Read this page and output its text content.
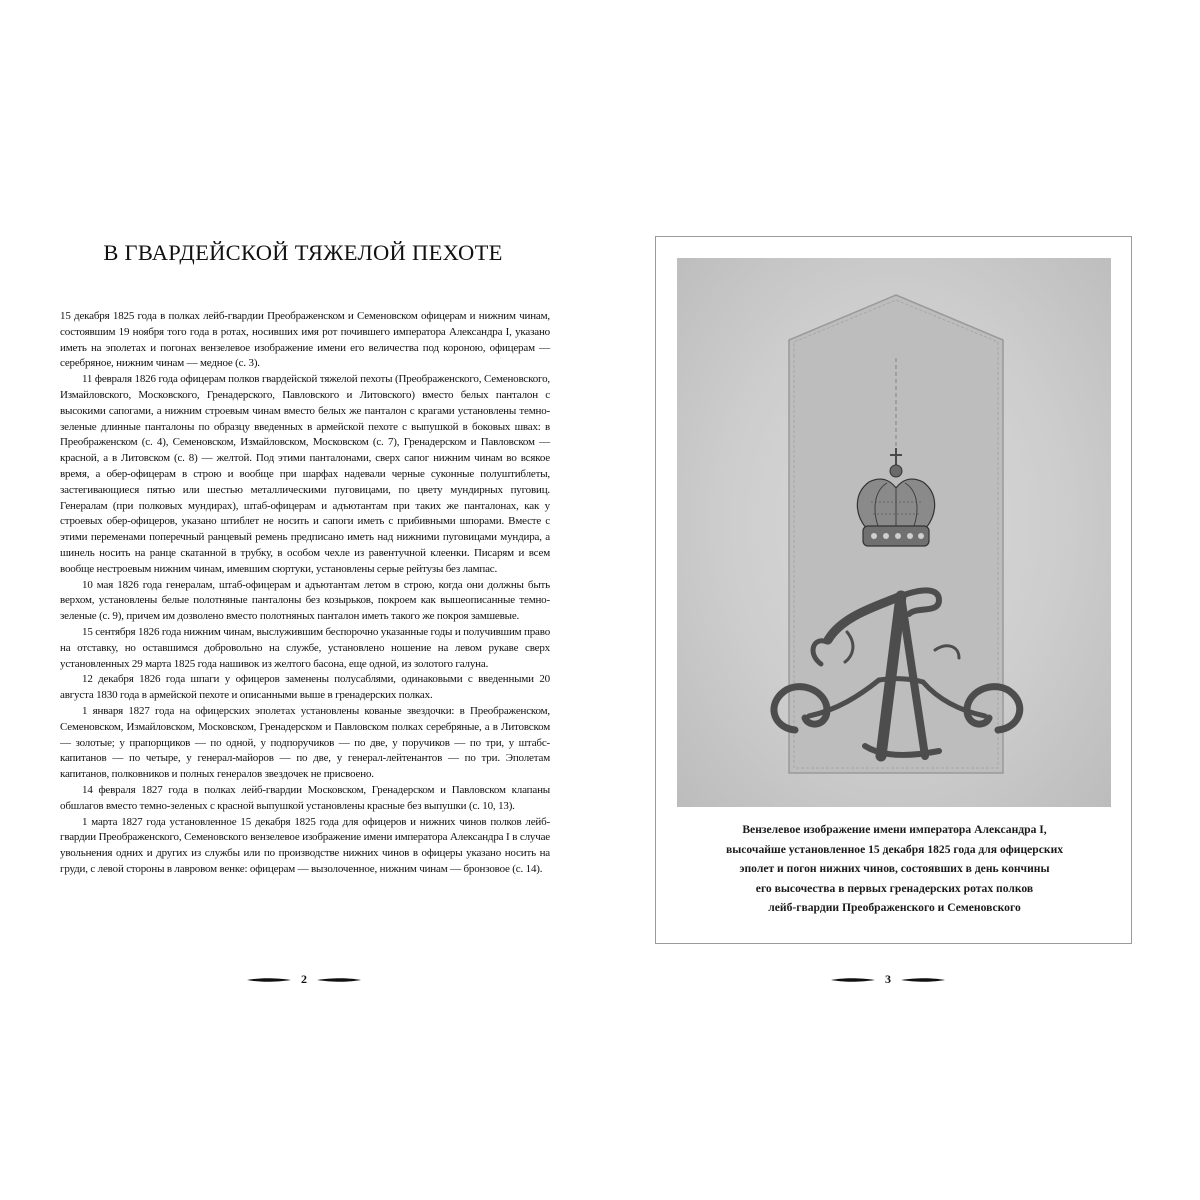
В ГВАРДЕЙСКОЙ ТЯЖЕЛОЙ ПЕХОТЕ

15 декабря 1825 года в полках лейб-гвардии Преображенском и Семеновском офицерам и нижним чинам, состоявшим 19 ноября того года в ротах, носивших имя рот почившего императора Александра I, указано иметь на эполетах и погонах вензелевое изображение имени его величества под короною, офицерам — серебряное, нижним чинам — медное (с. 3).

11 февраля 1826 года офицерам полков гвардейской тяжелой пехоты (Преображенского, Семеновского, Измайловского, Московского, Гренадерского, Павловского и Литовского) вместо белых панталон с высокими сапогами, а нижним строевым чинам вместо белых же панталон с крагами установлены темно-зеленые длинные панталоны по образцу введенных в армейской пехоте с выпушкой в боковых швах: в Преображенском (с. 4), Семеновском, Измайловском, Московском (с. 7), Гренадерском и Павловском — красной, а в Литовском (с. 8) — желтой. Под этими панталонами, сверх сапог нижним чинам во всякое время, а обер-офицерам в строю и вообще при шарфах надевали черные суконные полуштиблеты, застегивающиеся пятью или шестью металлическими пуговицами, по цвету мундирных пуговиц. Генералам (при полковых мундирах), штаб-офицерам и адъютантам при таких же панталонах, как у строевых обер-офицеров, указано штиблет не носить и сапоги иметь с прибивными шпорами. Вместе с этими переменами поперечный ранцевый ремень предписано иметь над нижними пуговицами мундира, а шинель носить на ранце скатанной в трубку, в особом чехле из равентучной клеенки. Писарям и всем вообще нестроевым нижним чинам, имевшим сюртуки, установлены серые рейтузы без лампас.

10 мая 1826 года генералам, штаб-офицерам и адъютантам летом в строю, когда они должны быть верхом, установлены белые полотняные панталоны без козырьков, покроем как вышеописанные темно-зеленые (с. 9), причем им дозволено вместо полотняных панталон иметь такого же покроя замшевые.

15 сентября 1826 года нижним чинам, выслужившим беспорочно указанные годы и получившим право на отставку, но оставшимся добровольно на службе, установлено ношение на левом рукаве сверх установленных 29 марта 1825 года нашивок из желтого басона, еще одной, из золотого галуна.

12 декабря 1826 года шпаги у офицеров заменены полусаблями, одинаковыми с введенными 20 августа 1830 года в армейской пехоте и описанными выше в гренадерских полках.

1 января 1827 года на офицерских эполетах установлены кованые звездочки: в Преображенском, Семеновском, Измайловском, Московском, Гренадерском и Павловском полках серебряные, а в Литовском — золотые; у прапорщиков — по одной, у подпоручиков — по две, у поручиков — по три, у штабс-капитанов — по четыре, у генерал-майоров — по две, у генерал-лейтенантов — по три. Эполетам капитанов, полковников и полных генералов звездочек не присвоено.

14 февраля 1827 года в полках лейб-гвардии Московском, Гренадерском и Павловском клапаны обшлагов вместо темно-зеленых с красной выпушкой установлены красные без выпушки (с. 10, 13).

1 марта 1827 года установленное 15 декабря 1825 года для офицеров и нижних чинов полков лейб-гвардии Преображенского, Семеновского вензелевое изображение имени императора Александра I в случае увольнения одних и других из службы или по производстве нижних чинов в офицеры указано носить на груди, с левой стороны в лавровом венке: офицерам — вызолоченное, нижним чинам — бронзовое (с. 14).

2
Вензелевое изображение имени императора Александра I,
высочайше установленное 15 декабря 1825 года для офицерских
эполет и погон нижних чинов, состоявших в день кончины
его высочества в первых гренадерских ротах полков
лейб-гвардии Преображенского и Семеновского
3
